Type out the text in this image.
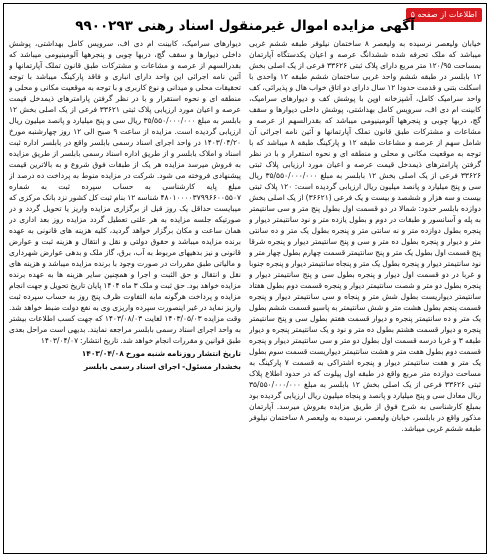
اطلاعات از صفحه ۵
آگهی مزایده اموال غیرمنقول اسناد رهنی ۹۹۰۰۲۹۳

خیابان ولیعصر نرسیده به ولیعصر ۸ ساختمان نیلوفر طبقه ششم غربی میباشد که ملک تحرفه شده ششدانگ عرصه و اعیان یکدستگاه آپارتمان بمساحت ۱۲۰/۹۵ متر مربع دارای پلاک ثبتی ۳۳۶۲۶ فرعی از یک اصلی بخش ۱۲ بابلسر در طبقه ششم واحد غربی ساختمان ششم طبقه ۱۲ واحدی با اسکلت بتنی و قدمت حدودا ۱۲ سال دارای دو اتاق خواب هال و پذیرائی، کف واحد سرامیک کامل، آشپزخانه اوپن با پوشش کف و دیوارهای سرامیک، کابینت ام دی اف، سرویس کامل بهداشتی، پوشش داخلی دیوارها و سقف گچ، دربها چوبی و پنجرهها آلومینیومی میباشد که بقدرالسهم از عرصه و مشاعات و مشترکات طبق قانون تملک آپارتمانها و آئین نامه اجرائی آن شامل سهم از عرصه و مشاعات طبقه ۱۲ و پارکینگ طبقه ۸ میباشد که با توجه به موقعیت مکانی و محلی و منطقه ای و نحوه استقرار و با در نظر گرفتن پارامترهای ذیمدخل قیمت عرصه و اعیان مورد ارزیابی پلاک ثبتی ۳۳۶۲۶ فرعی از یک اصلی بخش ۱۲ بابلسر به مبلغ ۳۵/۵۵۰/۰۰۰/۰۰۰ ریال سی و پنج میلیارد و پانصد میلیون ریال ارزیابی گردیده است: ۱۲۰ پلاک ثبتی بیست و سه هزار و ششصد و بیست و یک فرعی (۳۶۶۲۱) از یک اصلی بخش دوازده بابلسر حدود: شمالا در دو قسمت اول بطول پنج متر و سی سانتیمتر به پله و آسانسور و طبقات در دوم و بطول یازده متر و نود سانتیمتر دیوار و پنجره بطول دوازده متر و نه سانتی متر و پنجره بطول یک متر و ده سانتی متر و دیوار و پنجره بطول ده متر و سی و پنج سانتیمتر دیوار و پنجره شرقا پنج قسمت اول بطول یک متر و پنج سانتیمتر قسمت چهارم بطول چهار متر و نود سانتیمتر دیوار و پنجره بطول یک متر و پنجاه سانتیمتر دیوار و پنجره جنوبا و غربا در دو قسمت اول دیوار و پنجره بطول سی و پنج سانتیمتر دیوار و پنجره بطول دو متر و شصت سانتیمتر دیوار و پنجره قسمت دوم بطول هفتاد سانتیمتر دیواریست بطول شش متر و پنجاه و سی سانتیمتر دیوار و پنجره قسمت پنجم بطول هشت متر و شش سانتیمتر به پاسیو قسمت ششم بطول یک متر و ده سانتیمتر پنجره و دیوار قسمت هفتم بطول سی و پنج سانتیمتر پنجره و دیوار قسمت هشتم بطول ده متر و نود و یک سانتیمتر پنجره و دیوار طبقه ۳ و غربا درسه قسمت اول بطول دو متر و سی سانتیمتر دیوار و پنجره قسمت دوم بطول هفت متر و هشت سانتیمتر دیواریست قسمت سوم بطول یک متر و هفت سانتیمتر دیوار و پنجره اشتراکی به قسمت ۷ پارکینگ به مساحت دوازده متر مربع واقع در طبقه اول پیلوت که در حدود اطلاع پلاک ثبتی ۳۳۶۲۶ فرعی از یک اصلی بخش ۱۲ بابلسر به مبلغ ۳۵/۵۵۰/۰۰۰/۰۰۰ ریال معادل سی و پنج میلیارد و پانصد و پنجاه میلیون ریال ارزیابی گردیده بود بمبلغ کارشناسی به شرح فوق از طریق مزایده بفروش میرسد. آپارتمان مذکور واقع در بابلسر، خیابان ولیعصر، نرسیده به ولیعصر ۸ ساختمان نیلوفر طبقه ششم غربی میباشد.

دیوارهای سرامیک، کابینت ام دی اف، سرویس کامل بهداشتی، پوشش داخلی دیوارها و سقف گچ، دربها چوبی و پنجرهها آلومینیومی میباشد که بقدرالسهم از عرصه و مشاعات و مشترکات طبق قانون تملک آپارتمانها و آئین نامه اجرائی این واحد دارای انباری و فاقد پارکینگ میباشد با توجه تحقیقات محلی و میدانی و نوع کاربری و با توجه به موقعیت مکانی و محلی و منطقه ای و نحوه استقرار و با در نظر گرفتن پارامترهای ذیمدخل قیمت عرصه و اعیان مورد ارزیابی پلاک ثبتی ۳۳۶۲۱ فرعی از یک اصلی بخش ۱۲ بابلسر به مبلغ ۳۵/۵۵۰/۰۰۰/۰۰۰ ریال سی و پنج میلیارد و پانصد میلیون ریال ارزیابی گردیده است. مزایده از ساعت ۹ صبح الی ۱۲ روز چهارشنبه مورخ ۱۴۰۳/۰۴/۲۰ در واحد اجرای اسناد رسمی بابلسر واقع در بابلسر اداره ثبت اسناد و املاک بابلسر و از طریق اداره اسناد رسمی بابلسر از طریق مزایده به فروش میرسد مزایده هر یک از طبقات فوق شروع و به بالاترین قیمت پیشنهادی فروخته می شود. شرکت در مزایده منوط به پرداخت ده درصد از مبلغ پایه کارشناسی به حساب سپرده ثبت به شماره ۴۸۰۱۰۰۰۰۳۷۹۹۶۶۰۰۵۵۰۷ شناسه ۱۲ بنام ثبت کل کشور نزد بانک مرکزی که میبایست حداقل یک روز قبل از برگزاری مزایده واریز یا تحویل گردد و در صورتیکه جلسه مزایده به هر علتی تعطیل گردد مزایده روز بعد اداری در همان ساعت و مکان برگزار خواهد گردید، کلیه هزینه های قانونی به عهده برنده مزایده میباشد و حقوق دولتی و نقل و انتقال و هزینه ثبت و عوارض قانونی و نیز بدهیهای مربوط به آب، برق، گاز ملک و بدهی عوارض شهرداری و مالیاتی طبق مقررات در صورت وجود با برنده مزایده میباشد و هزینه های نقل و انتقال و حق الثبت و اجرا و همچنین سایر هزینه ها به عهده برنده مزایده خواهد بود. حق ثبت و ملک ۳ ماه ۱۴۰۴ پایان تاریخ تحویل و جهت انجام مزایده و پرداخت هرگونه مابه التفاوت ظرف پنج روز به حساب سپرده ثبت واریز نماید در غیر اینصورت سپرده واریزی وی به نفع دولت ضبط خواهد شد. وقت مزایده ۱۴۰۳/۰۵/۰۳ لغایت ۱۴۰۳/۰۸/۰۳ که جهت کسب اطلاعات بیشتر به واحد اجرای اسناد رسمی بابلسر مراجعه نمایند. بدیهی است مراحل بعدی طبق قوانین و مقررات انجام خواهد شد. تاریخ انتشار: ۱۴۰۳/۰۴/۰۷

تاریخ انتشار روزنامه شنبه مورخ ۱۴۰۳/۰۴/۰۸

بخشدار مسئول- اجرای اسناد رسمی بابلسر
